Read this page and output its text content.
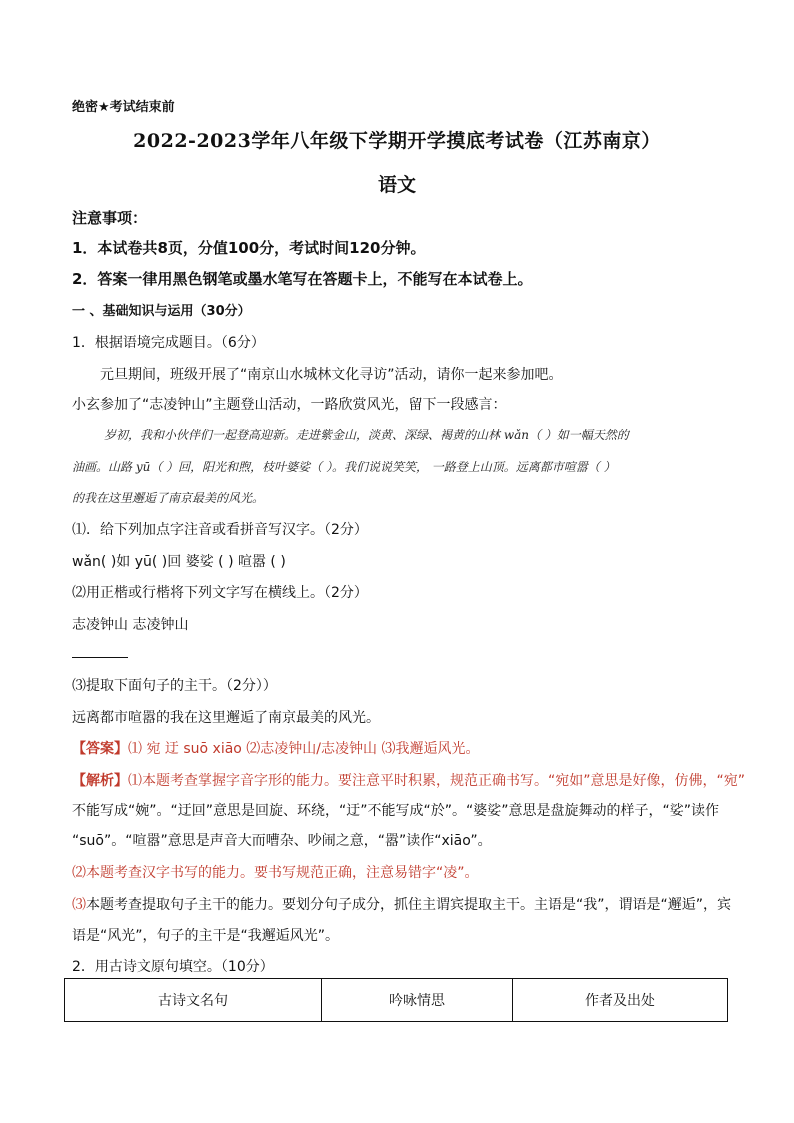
绝密★考试结束前
2022-2023学年八年级下学期开学摸底考试卷（江苏南京）
语文
注意事项：
1．本试卷共8页，分值100分，考试时间120分钟。
2．答案一律用黑色钢笔或墨水笔写在答题卡上，不能写在本试卷上。
一 、基础知识与运用（30分）
1．根据语境完成题目。（6分）
元旦期间，班级开展了“南京山水城林文化寻访”活动，请你一起来参加吧。
小玄参加了“志凌钟山”主题登山活动，一路欣赏风光，留下一段感言：
岁初，我和小伙伴们一起登高迎新。走进紫金山，淡黄、深绿、褐黄的山林 wǎn（ ）如一幅天然的
油画。山路 yū（ ）回，阳光和煦，枝叶婆娑（ ）。我们说说笑笑， 一路登上山顶。远离都市喧嚣（ ）
的我在这里邂逅了南京最美的风光。
⑴．给下列加点字注音或看拼音写汉字。（2分）
wǎn( )如 yū( )回 婆娑 ( ) 喧嚣 ( )
⑵用正楷或行楷将下列文字写在横线上。（2分）
志凌钟山 志凌钟山
⑶提取下面句子的主干。（2分））
远离都市喧嚣的我在这里邂逅了南京最美的风光。
【答案】⑴ 宛 迂 suō xiāo ⑵志凌钟山/志凌钟山 ⑶我邂逅风光。
【解析】⑴本题考查掌握字音字形的能力。要注意平时积累，规范正确书写。“宛如”意思是好像，仿佛，“宛”
不能写成“婉”。“迂回”意思是回旋、环绕，“迂”不能写成“於”。“婆娑”意思是盘旋舞动的样子，“娑”读作
“suō”。“喧嚣”意思是声音大而嘈杂、吵闹之意，“嚣”读作“xiāo”。
⑵本题考查汉字书写的能力。要书写规范正确，注意易错字“凌”。
⑶本题考查提取句子主干的能力。要划分句子成分，抓住主谓宾提取主干。主语是“我”，谓语是“邂逅”，宾
语是“风光”，句子的主干是“我邂逅风光”。
2．用古诗文原句填空。（10分）
古诗文名句	吟咏情思	作者及出处
